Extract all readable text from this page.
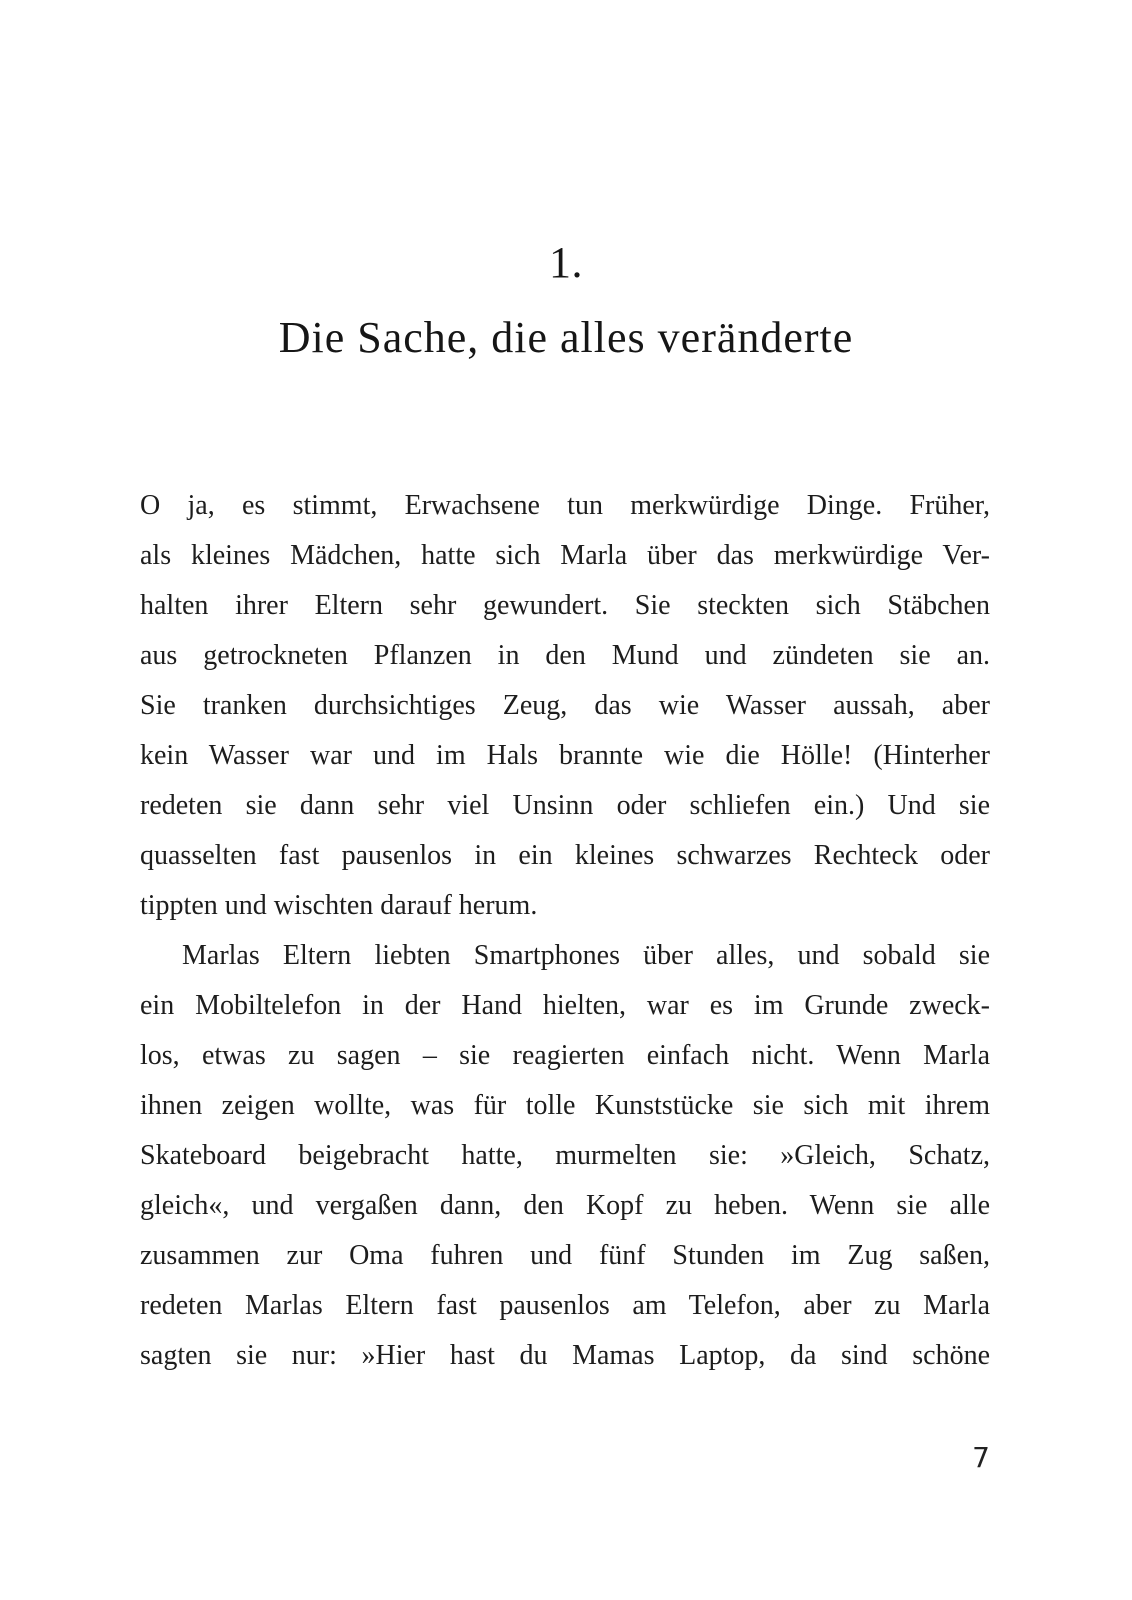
1.
Die Sache, die alles veränderte

O ja, es stimmt, Erwachsene tun merkwürdige Dinge. Früher,
als kleines Mädchen, hatte sich Marla über das merkwürdige Ver-
halten ihrer Eltern sehr gewundert. Sie steckten sich Stäbchen
aus getrockneten Pflanzen in den Mund und zündeten sie an.
Sie tranken durchsichtiges Zeug, das wie Wasser aussah, aber
kein Wasser war und im Hals brannte wie die Hölle! (Hinterher
redeten sie dann sehr viel Unsinn oder schliefen ein.) Und sie
quasselten fast pausenlos in ein kleines schwarzes Rechteck oder
tippten und wischten darauf herum.

Marlas Eltern liebten Smartphones über alles, und sobald sie
ein Mobiltelefon in der Hand hielten, war es im Grunde zweck-
los, etwas zu sagen – sie reagierten einfach nicht. Wenn Marla
ihnen zeigen wollte, was für tolle Kunststücke sie sich mit ihrem
Skateboard beigebracht hatte, murmelten sie: »Gleich, Schatz,
gleich«, und vergaßen dann, den Kopf zu heben. Wenn sie alle
zusammen zur Oma fuhren und fünf Stunden im Zug saßen,
redeten Marlas Eltern fast pausenlos am Telefon, aber zu Marla
sagten sie nur: »Hier hast du Mamas Laptop, da sind schöne

7
